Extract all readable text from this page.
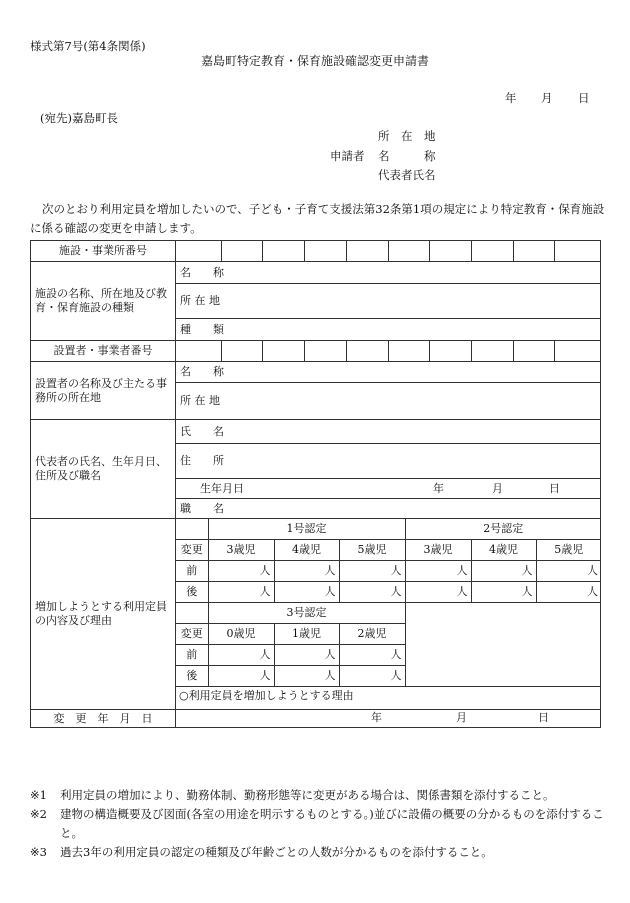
様式第7号(第4条関係)
嘉島町特定教育・保育施設確認変更申請書
年 月 日
(宛先)嘉島町長
所　在　地
申請者 名　　　称
代表者氏名
次のとおり利用定員を増加したいので、子ども・子育て支援法第32条第1項の規定により特定教育・保育施設に係る確認の変更を申請します。
施設・事業所番号	

施設の名称、所在地及び教育・保育施設の種類	名　　称
所 在 地
種　　類
設置者・事業者番号	

設置者の名称及び主たる事務所の所在地	名　　称
所 在 地
代表者の氏名、生年月日、住所及び職名	氏　　名
住　　所
生年月日	年	月	日

職　　名
増加しようとする利用定員の内容及び理由	
	1号認定	2号認定
変更	3歳児	4歳児	5歳児	3歳児	4歳児	5歳児
前	人	人	人	人	人	人
後	人	人	人	人	人	人
	3号認定	
変更	0歳児	1歳児	2歳児
前	人	人	人
後	人	人	人
○利用定員を増加しようとする理由

変　更　年　月　日	年	月	日
※1	利用定員の増加により、勤務体制、勤務形態等に変更がある場合は、関係書類を添付すること。
※2	建物の構造概要及び図面(各室の用途を明示するものとする。)並びに設備の概要の分かるものを添付すること。
※3	過去3年の利用定員の認定の種類及び年齢ごとの人数が分かるものを添付すること。
